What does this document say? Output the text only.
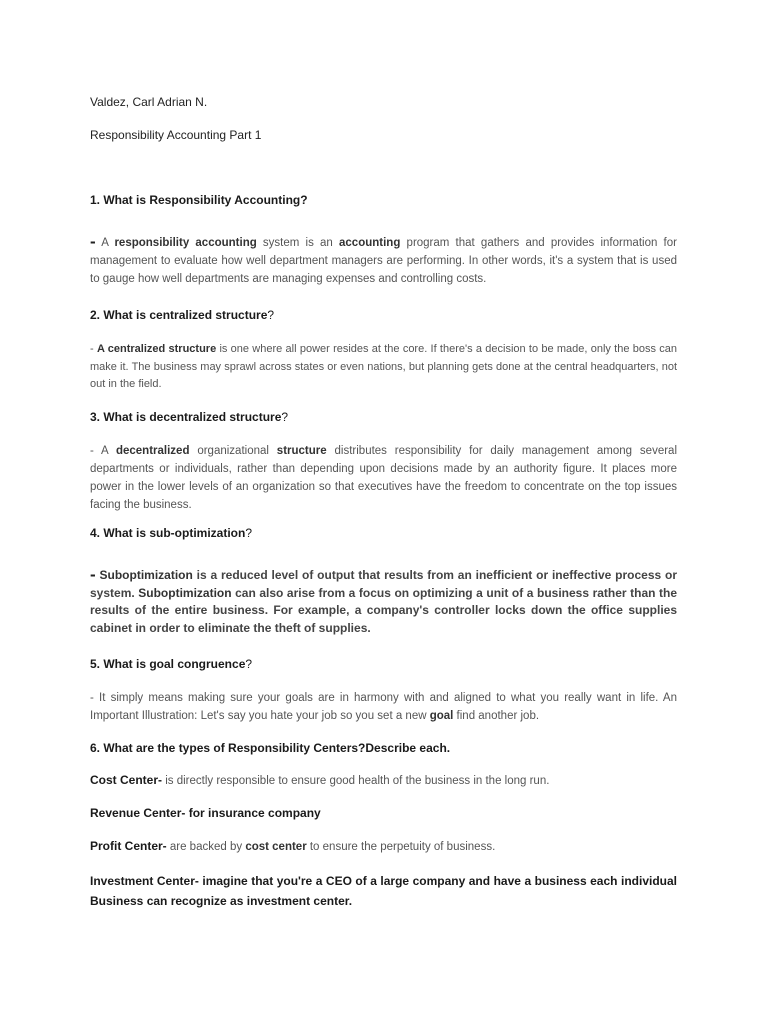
Valdez, Carl Adrian N.

Responsibility Accounting Part 1

1. What is Responsibility Accounting?

- A responsibility accounting system is an accounting program that gathers and provides information for management to evaluate how well department managers are performing. In other words, it's a system that is used to gauge how well departments are managing expenses and controlling costs.

2. What is centralized structure?

- A centralized structure is one where all power resides at the core. If there's a decision to be made, only the boss can make it. The business may sprawl across states or even nations, but planning gets done at the central headquarters, not out in the field.

3. What is decentralized structure?

- A decentralized organizational structure distributes responsibility for daily management among several departments or individuals, rather than depending upon decisions made by an authority figure. It places more power in the lower levels of an organization so that executives have the freedom to concentrate on the top issues facing the business.

4. What is sub-optimization?

- Suboptimization is a reduced level of output that results from an inefficient or ineffective process or system. Suboptimization can also arise from a focus on optimizing a unit of a business rather than the results of the entire business. For example, a company's controller locks down the office supplies cabinet in order to eliminate the theft of supplies.

5. What is goal congruence?

- It simply means making sure your goals are in harmony with and aligned to what you really want in life. An Important Illustration: Let's say you hate your job so you set a new goal find another job.

6. What are the types of Responsibility Centers?Describe each.

Cost Center- is directly responsible to ensure good health of the business in the long run.

Revenue Center- for insurance company

Profit Center- are backed by cost center to ensure the perpetuity of business.

Investment Center- imagine that you're a CEO of a large company and have a business each individual Business can recognize as investment center.
